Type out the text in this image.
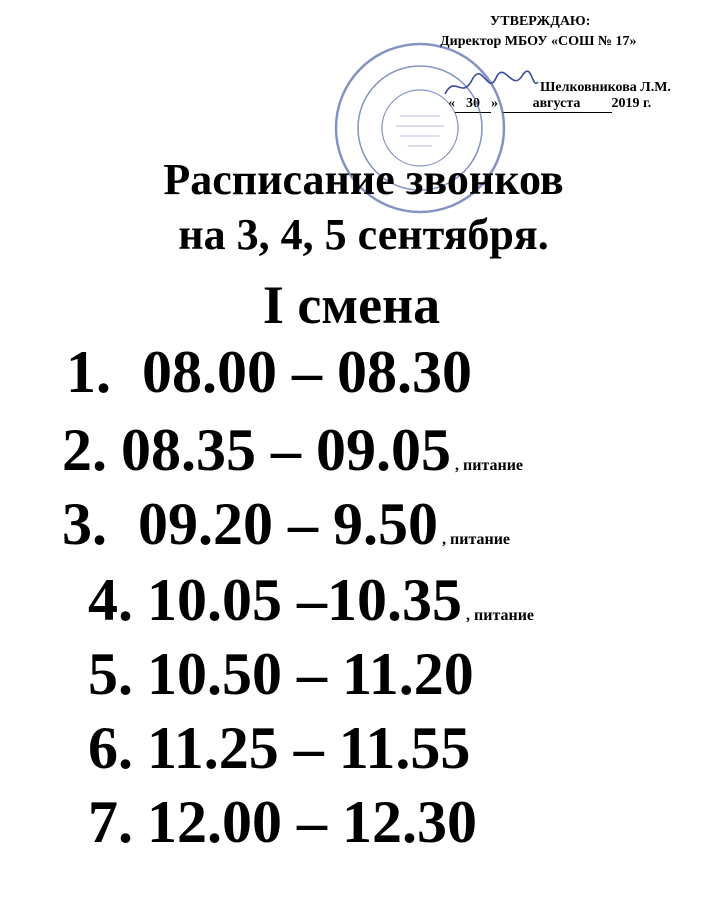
УТВЕРЖДАЮ:
Директор МБОУ «СОШ № 17»
Шелковникова Л.М.
« 30 » августа 2019 г.
Расписание звонков
на 3, 4, 5 сентября.
I смена
1. 08.00 – 08.30
2. 08.35 – 09.05 , питание
3. 09.20 – 9.50 , питание
4. 10.05 –10.35 , питание
5. 10.50 – 11.20
6. 11.25 – 11.55
7. 12.00 – 12.30
